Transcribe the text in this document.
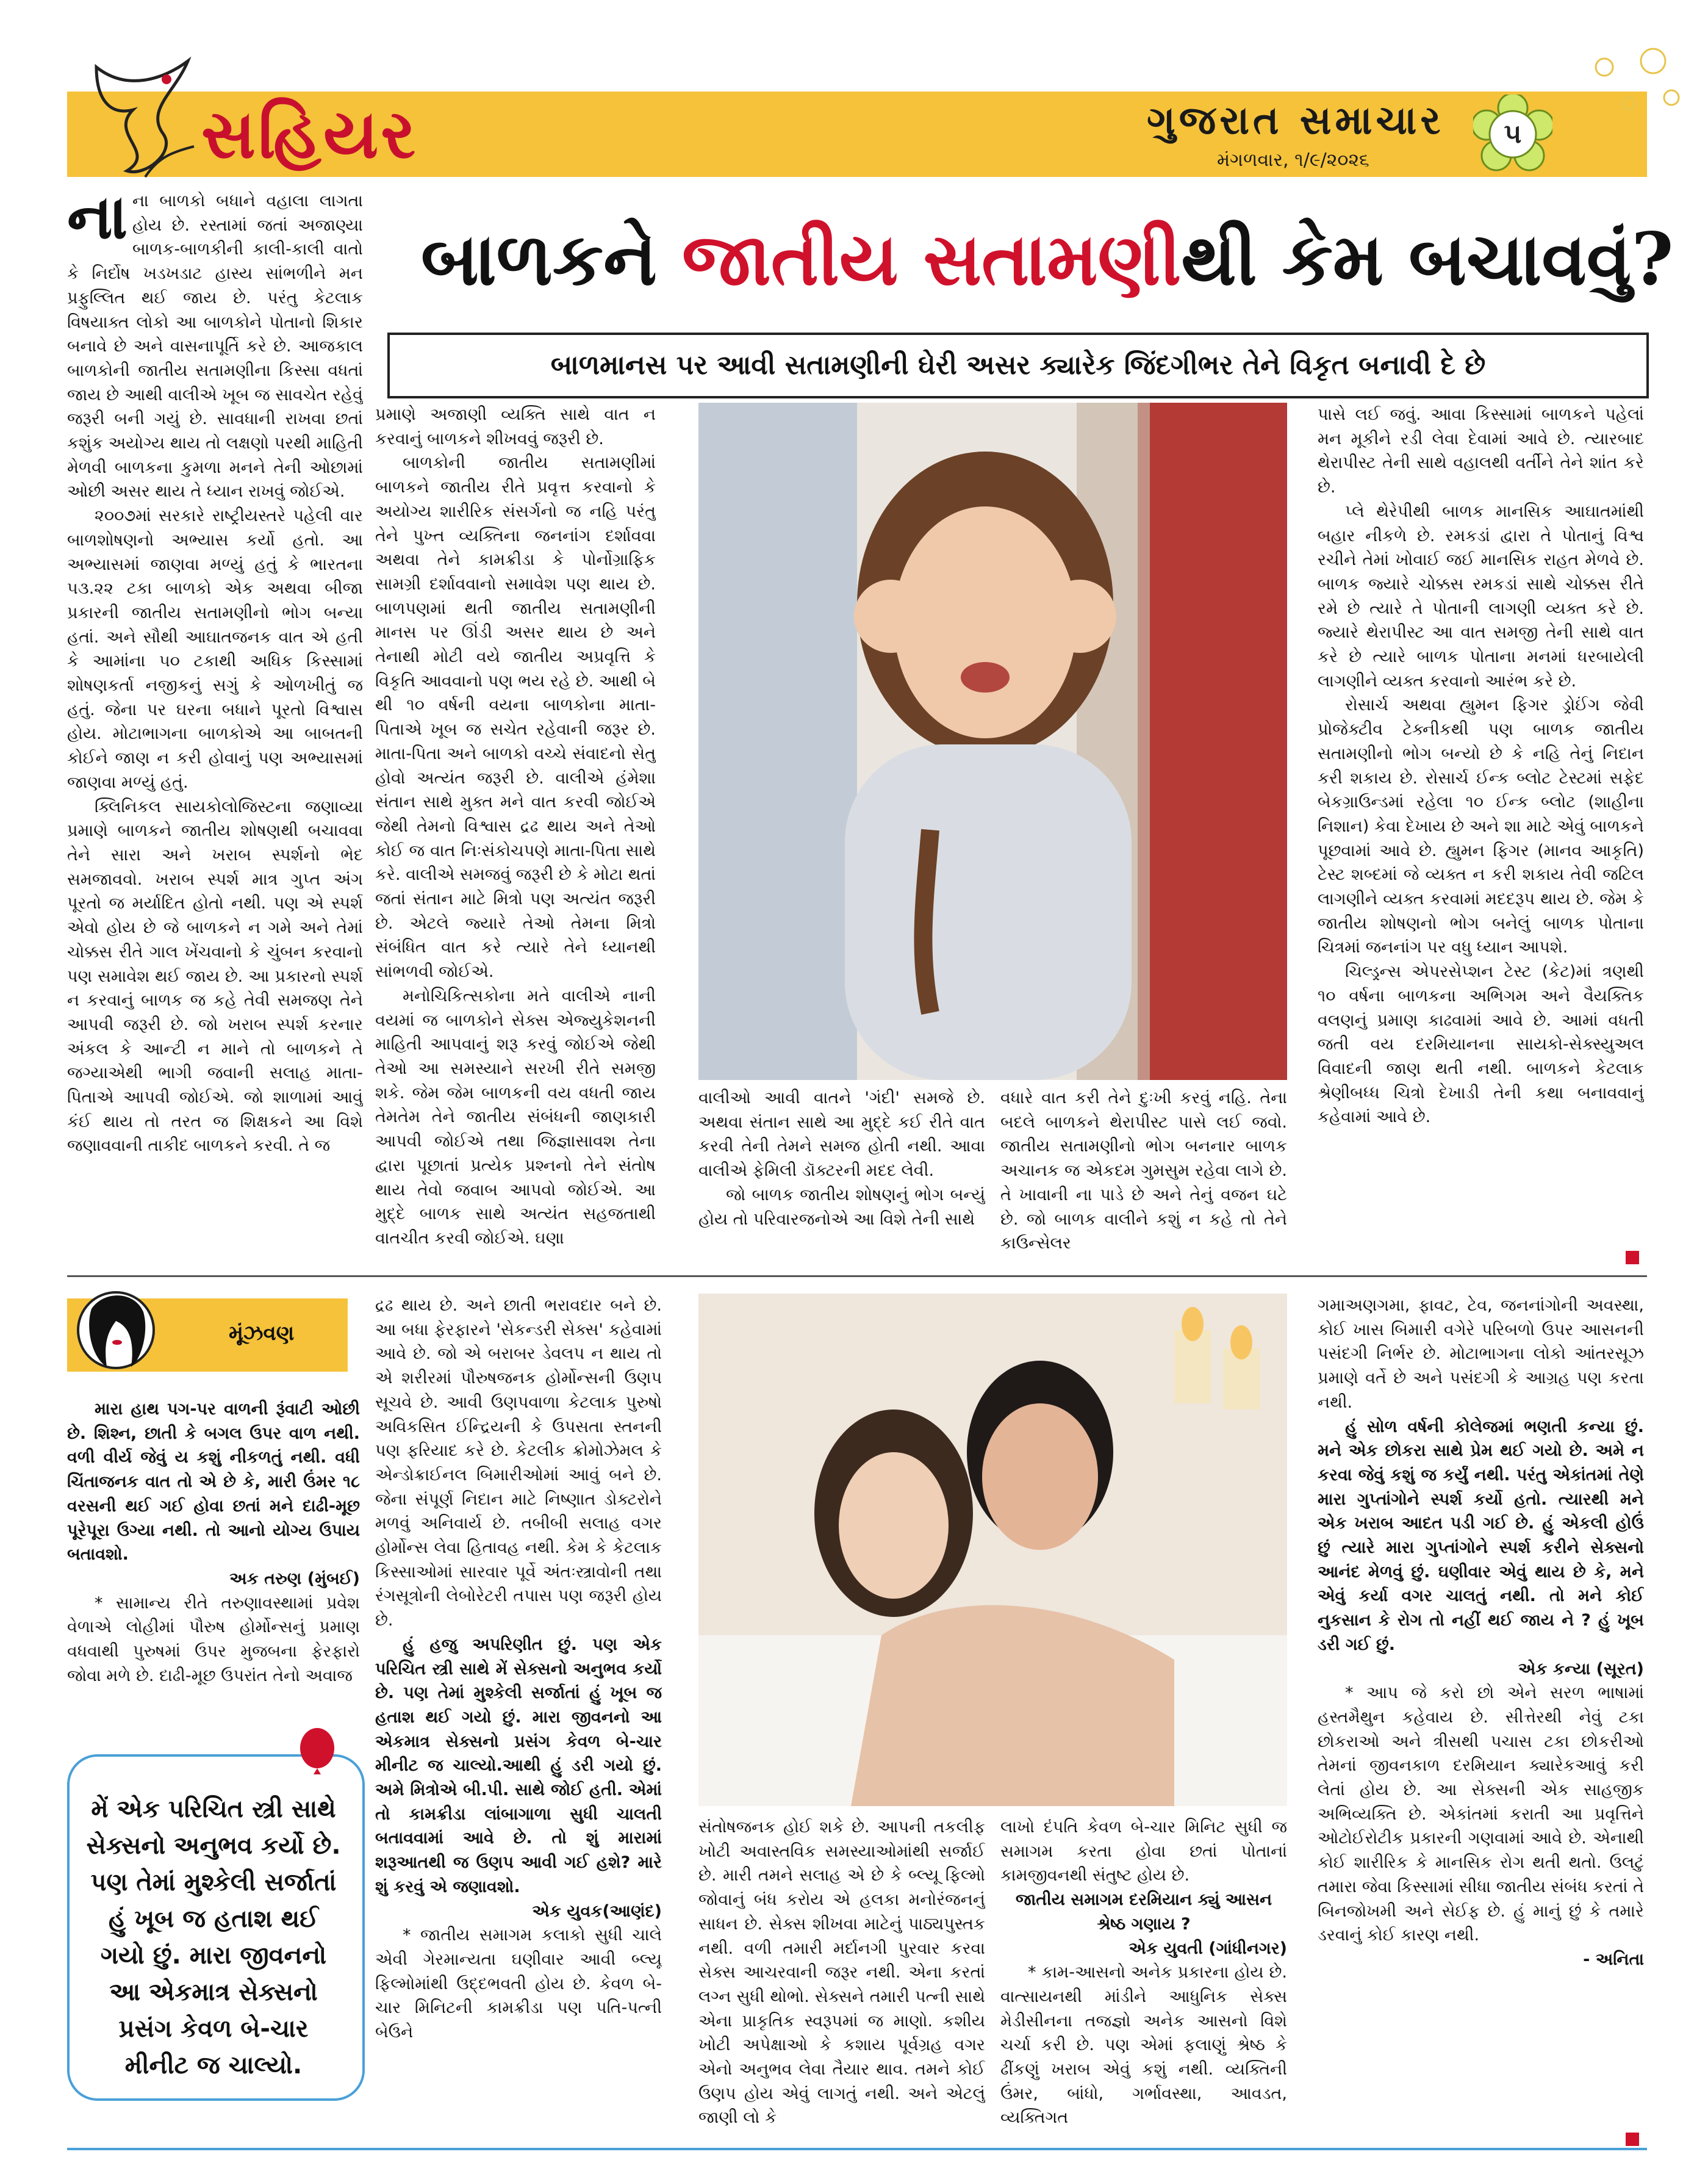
સહિયર	ગુજરાત સમાચાર
મંગળવાર, ૧/૯/૨૦૨૬
૫
બાળકને જાતીય સતામણીથી કેમ બચાવવું?
બાળમાનસ પર આવી સતામણીની ઘેરી અસર ક્યારેક જિંદગીભર તેને વિકૃત બનાવી દે છે

નાના બાળકો બધાને વહાલા લાગતા હોય છે. રસ્તામાં જતાં અજાણ્યા બાળક-બાળકીની કાલી-કાલી વાતો કે નિર્દોષ ખડખડાટ હાસ્ય સાંભળીને મન પ્રફુલ્લિત થઈ જાય છે. પરંતુ કેટલાક વિષયાક્ત લોકો આ બાળકોને પોતાનો શિકાર બનાવે છે અને વાસનાપૂર્તિ કરે છે. આજકાલ બાળકોની જાતીય સતામણીના કિસ્સા વધતાં જાય છે આથી વાલીએ ખૂબ જ સાવચેત રહેવું જરૂરી બની ગયું છે. સાવધાની રાખવા છતાં કશુંક અયોગ્ય થાય તો લક્ષણો પરથી માહિતી મેળવી બાળકના કુમળા મનને તેની ઓછામાં ઓછી અસર થાય તે ધ્યાન રાખવું જોઈએ.

૨૦૦૭માં સરકારે રાષ્ટ્રીયસ્તરે પહેલી વાર બાળશોષણનો અભ્યાસ કર્યો હતો. આ અભ્યાસમાં જાણવા મળ્યું હતું કે ભારતના ૫૩.૨૨ ટકા બાળકો એક અથવા બીજા પ્રકારની જાતીય સતામણીનો ભોગ બન્યા હતાં. અને સૌથી આઘાતજનક વાત એ હતી કે આમાંના ૫૦ ટકાથી અધિક કિસ્સામાં શોષણકર્તા નજીકનું સગું કે ઓળખીતું જ હતું. જેના પર ઘરના બધાને પૂરતો વિશ્વાસ હોય. મોટાભાગના બાળકોએ આ બાબતની કોઈને જાણ ન કરી હોવાનું પણ અભ્યાસમાં જાણવા મળ્યું હતું.

ક્લિનિકલ સાયકોલોજિસ્ટના જણાવ્યા પ્રમાણે બાળકને જાતીય શોષણથી બચાવવા તેને સારા અને ખરાબ સ્પર્શનો ભેદ સમજાવવો. ખરાબ સ્પર્શ માત્ર ગુપ્ત અંગ પૂરતો જ મર્યાદિત હોતો નથી. પણ એ સ્પર્શ એવો હોય છે જે બાળકને ન ગમે અને તેમાં ચોક્કસ રીતે ગાલ ખેંચવાનો કે ચુંબન કરવાનો પણ સમાવેશ થઈ જાય છે. આ પ્રકારનો સ્પર્શ ન કરવાનું બાળક જ કહે તેવી સમજણ તેને આપવી જરૂરી છે. જો ખરાબ સ્પર્શ કરનાર અંકલ કે આન્ટી ન માને તો બાળકને તે જગ્યાએથી ભાગી જવાની સલાહ માતા-પિતાએ આપવી જોઈએ. જો શાળામાં આવું કંઈ થાય તો તરત જ શિક્ષકને આ વિશે જણાવવાની તાકીદ બાળકને કરવી. તે જ

પ્રમાણે અજાણી વ્યક્તિ સાથે વાત ન કરવાનું બાળકને શીખવવું જરૂરી છે.

બાળકોની જાતીય સતામણીમાં બાળકને જાતીય રીતે પ્રવૃત્ત કરવાનો કે અયોગ્ય શારીરિક સંસર્ગનો જ નહિ પરંતુ તેને પુખ્ત વ્યક્તિના જનનાંગ દર્શાવવા અથવા તેને કામક્રીડા કે પોર્નોગ્રાફિક સામગ્રી દર્શાવવાનો સમાવેશ પણ થાય છે. બાળપણમાં થતી જાતીય સતામણીની માનસ પર ઊંડી અસર થાય છે અને તેનાથી મોટી વયે જાતીય અપ્રવૃત્તિ કે વિકૃતિ આવવાનો પણ ભય રહે છે. આથી બે થી ૧૦ વર્ષની વયના બાળકોના માતા-પિતાએ ખૂબ જ સચેત રહેવાની જરૂર છે. માતા-પિતા અને બાળકો વચ્ચે સંવાદનો સેતુ હોવો અત્યંત જરૂરી છે. વાલીએ હંમેશા સંતાન સાથે મુક્ત મને વાત કરવી જોઈએ જેથી તેમનો વિશ્વાસ દ્રઢ થાય અને તેઓ કોઈ જ વાત નિઃસંકોચપણે માતા-પિતા સાથે કરે. વાલીએ સમજવું જરૂરી છે કે મોટા થતાં જતાં સંતાન માટે મિત્રો પણ અત્યંત જરૂરી છે. એટલે જ્યારે તેઓ તેમના મિત્રો સંબંધિત વાત કરે ત્યારે તેને ધ્યાનથી સાંભળવી જોઈએ.

મનોચિકિત્સકોના મતે વાલીએ નાની વયમાં જ બાળકોને સેક્સ એજ્યુકેશનની માહિતી આપવાનું શરૂ કરવું જોઈએ જેથી તેઓ આ સમસ્યાને સરખી રીતે સમજી શકે. જેમ જેમ બાળકની વય વધતી જાય તેમતેમ તેને જાતીય સંબંધની જાણકારી આપવી જોઈએ તથા જિજ્ઞાસાવશ તેના દ્વારા પૂછાતાં પ્રત્યેક પ્રશ્નનો તેને સંતોષ થાય તેવો જવાબ આપવો જોઈએ. આ મુદ્દે બાળક સાથે અત્યંત સહજતાથી વાતચીત કરવી જોઈએ. ઘણા

વાલીઓ આવી વાતને 'ગંદી' સમજે છે. અથવા સંતાન સાથે આ મુદ્દે કઈ રીતે વાત કરવી તેની તેમને સમજ હોતી નથી. આવા વાલીએ ફેમિલી ડૉક્ટરની મદદ લેવી.

જો બાળક જાતીય શોષણનું ભોગ બન્યું હોય તો પરિવારજનોએ આ વિશે તેની સાથે

વધારે વાત કરી તેને દુઃખી કરવું નહિ. તેના બદલે બાળકને થેરાપીસ્ટ પાસે લઈ જવો. જાતીય સતામણીનો ભોગ બનનાર બાળક અચાનક જ એકદમ ગુમસુમ રહેવા લાગે છે. તે ખાવાની ના પાડે છે અને તેનું વજન ઘટે છે. જો બાળક વાલીને કશું ન કહે તો તેને કાઉન્સેલર

પાસે લઈ જવું. આવા કિસ્સામાં બાળકને પહેલાં મન મૂકીને રડી લેવા દેવામાં આવે છે. ત્યારબાદ થેરાપીસ્ટ તેની સાથે વહાલથી વર્તીને તેને શાંત કરે છે.

પ્લે થેરેપીથી બાળક માનસિક આઘાતમાંથી બહાર નીકળે છે. રમકડાં દ્વારા તે પોતાનું વિશ્વ રચીને તેમાં ખોવાઈ જઈ માનસિક રાહત મેળવે છે. બાળક જ્યારે ચોક્કસ રમકડાં સાથે ચોક્કસ રીતે રમે છે ત્યારે તે પોતાની લાગણી વ્યક્ત કરે છે. જ્યારે થેરાપીસ્ટ આ વાત સમજી તેની સાથે વાત કરે છે ત્યારે બાળક પોતાના મનમાં ધરબાયેલી લાગણીને વ્યક્ત કરવાનો આરંભ કરે છે.

રોસાર્ચ અથવા હ્યુમન ફિગર ડ્રોઈંગ જેવી પ્રોજેક્ટીવ ટેક્નીકથી પણ બાળક જાતીય સતામણીનો ભોગ બન્યો છે કે નહિ તેનું નિદાન કરી શકાય છે. રોસાર્ચ ઈન્ક બ્લોટ ટેસ્ટમાં સફેદ બેકગ્રાઉન્ડમાં રહેલા ૧૦ ઈન્ક બ્લોટ (શાહીના નિશાન) કેવા દેખાય છે અને શા માટે એવું બાળકને પૂછવામાં આવે છે. હ્યુમન ફિગર (માનવ આકૃતિ) ટેસ્ટ શબ્દમાં જે વ્યક્ત ન કરી શકાય તેવી જટિલ લાગણીને વ્યક્ત કરવામાં મદદરૂપ થાય છે. જેમ કે જાતીય શોષણનો ભોગ બનેલું બાળક પોતાના ચિત્રમાં જનનાંગ પર વધુ ધ્યાન આપશે.

ચિલ્ડ્રન્સ એપરસેપ્શન ટેસ્ટ (કેટ)માં ત્રણથી ૧૦ વર્ષના બાળકના અભિગમ અને વૈયક્તિક વલણનું પ્રમાણ કાઢવામાં આવે છે. આમાં વધતી જતી વય દરમિયાનના સાયકો-સેક્સ્યુઅલ વિવાદની જાણ થતી નથી. બાળકને કેટલાક શ્રેણીબધ્ધ ચિત્રો દેખાડી તેની કથા બનાવવાનું કહેવામાં આવે છે.

મૂંઝવણ

મારા હાથ પગ-પર વાળની રૂંવાટી ઓછી છે. શિશ્ન, છાતી કે બગલ ઉપર વાળ નથી. વળી વીર્ય જેવું ય કશું નીકળતું નથી. વધી ચિંતાજનક વાત તો એ છે કે, મારી ઉંમર ૧૮ વરસની થઈ ગઈ હોવા છતાં મને દાઢી-મૂછ પૂરેપૂરા ઉગ્યા નથી. તો આનો યોગ્ય ઉપાય બતાવશો.

અક તરુણ (મુંબઈ)

* સામાન્ય રીતે તરુણાવસ્થામાં પ્રવેશ વેળાએ લોહીમાં પૌરુષ હોર્મોન્સનું પ્રમાણ વધવાથી પુરુષમાં ઉપર મુજબના ફેરફારો જોવા મળે છે. દાઢી-મૂછ ઉપરાંત તેનો અવાજ

મેં એક પરિચિત સ્ત્રી સાથે સેક્સનો અનુભવ કર્યો છે. પણ તેમાં મુશ્કેલી સર્જાતાં હું ખૂબ જ હતાશ થઈ ગયો છું. મારા જીવનનો આ એકમાત્ર સેક્સનો પ્રસંગ કેવળ બે-ચાર મીનીટ જ ચાલ્યો.

દ્રઢ થાય છે. અને છાતી ભરાવદાર બને છે. આ બધા ફેરફારને 'સેકન્ડરી સેક્સ' કહેવામાં આવે છે. જો એ બરાબર ડેવલપ ન થાય તો એ શરીરમાં પૌરુષજનક હોર્મોન્સની ઉણપ સૂચવે છે. આવી ઉણપવાળા કેટલાક પુરુષો અવિકસિત ઈન્દ્રિયની કે ઉપસતા સ્તનની પણ ફરિયાદ કરે છે. કેટલીક ક્રોમોઝેમલ કે એન્ડોક્રાઈનલ બિમારીઓમાં આવું બને છે. જેના સંપૂર્ણ નિદાન માટે નિષ્ણાત ડોક્ટરોને મળવું અનિવાર્ય છે. તબીબી સલાહ વગર હોર્મોન્સ લેવા હિતાવહ નથી. કેમ કે કેટલાક કિસ્સાઓમાં સારવાર પૂર્વે અંતઃસ્ત્રાવોની તથા રંગસૂત્રોની લેબોરેટરી તપાસ પણ જરૂરી હોય છે.

હું હજુ અપરિણીત છું. પણ એક પરિચિત સ્ત્રી સાથે મેં સેક્સનો અનુભવ કર્યો છે. પણ તેમાં મુશ્કેલી સર્જાતાં હું ખૂબ જ હતાશ થઈ ગયો છું. મારા જીવનનો આ એકમાત્ર સેક્સનો પ્રસંગ કેવળ બે-ચાર મીનીટ જ ચાલ્યો.આથી હું ડરી ગયો છું. અમે મિત્રોએ બી.પી. સાથે જોઈ હતી. એમાં તો કામક્રીડા લાંબાગાળા સુધી ચાલતી બતાવવામાં આવે છે. તો શું મારામાં શરૂઆતથી જ ઉણપ આવી ગઈ હશે? મારે શું કરવું એ જણાવશો.

એક યુવક(આણંદ)

* જાતીય સમાગમ કલાકો સુધી ચાલે એવી ગેરમાન્યતા ઘણીવાર આવી બ્લ્યૂ ફિલ્મોમાંથી ઉદ્દભવતી હોય છે. કેવળ બે-ચાર મિનિટની કામક્રીડા પણ પતિ-પત્ની બેઉને

સંતોષજનક હોઈ શકે છે. આપની તકલીફ ખોટી અવાસ્તવિક સમસ્યાઓમાંથી સર્જાઈ છે. મારી તમને સલાહ એ છે કે બ્લ્યૂ ફિલ્મો જોવાનું બંધ કરોય એ હલકા મનોરંજનનું સાધન છે. સેક્સ શીખવા માટેનું પાઠ્યપુસ્તક નથી. વળી તમારી મર્દાનગી પુરવાર કરવા સેક્સ આચરવાની જરૂર નથી. એના કરતાં લગ્ન સુધી થોભો. સેક્સને તમારી પત્ની સાથે એના પ્રાકૃતિક સ્વરૂપમાં જ માણો. કશીય ખોટી અપેક્ષાઓ કે કશાય પૂર્વગ્રહ વગર એનો અનુભવ લેવા તૈયાર થાવ. તમને કોઈ ઉણપ હોય એવું લાગતું નથી. અને એટલું જાણી લો કે

લાખો દંપતિ કેવળ બે-ચાર મિનિટ સુધી જ સમાગમ કરતા હોવા છતાં પોતાનાં કામજીવનથી સંતુષ્ટ હોય છે.

જાતીય સમાગમ દરમિયાન ક્યું આસન શ્રેષ્ઠ ગણાય ?

એક યુવતી (ગાંધીનગર)

* કામ-આસનો અનેક પ્રકારના હોય છે. વાત્સાયનથી માંડીને આધુનિક સેક્સ મેડીસીનના તજજ્ઞો અનેક આસનો વિશે ચર્ચા કરી છે. પણ એમાં ફલાણું શ્રેષ્ઠ કે ઢીંકણું ખરાબ એવું કશું નથી. વ્યક્તિની ઉંમર, બાંધો, ગર્ભાવસ્થા, આવડત, વ્યક્તિગત

ગમાઅણગમા, ફાવટ, ટેવ, જનનાંગોની અવસ્થા, કોઈ ખાસ બિમારી વગેરે પરિબળો ઉપર આસનની પસંદગી નિર્ભર છે. મોટાભાગના લોકો આંતરસૂઝ પ્રમાણે વર્તે છે અને પસંદગી કે આગ્રહ પણ કરતા નથી.

હું સોળ વર્ષની કોલેજમાં ભણતી કન્યા છું. મને એક છોકરા સાથે પ્રેમ થઈ ગયો છે. અમે ન કરવા જેવું કશું જ કર્યું નથી. પરંતુ એકાંતમાં તેણે મારા ગુપ્તાંગોને સ્પર્શ કર્યો હતો. ત્યારથી મને એક ખરાબ આદત પડી ગઈ છે. હું એકલી હોઉં છું ત્યારે મારા ગુપ્તાંગોને સ્પર્શ કરીને સેક્સનો આનંદ મેળવું છું. ઘણીવાર એવું થાય છે કે, મને એવું કર્યા વગર ચાલતું નથી. તો મને કોઈ નુકસાન કે રોગ તો નહીં થઈ જાય ને ? હું ખૂબ ડરી ગઈ છું.

એક કન્યા (સૂરત)

* આપ જે કરો છો એને સરળ ભાષામાં હસ્તમૈથુન કહેવાય છે. સીત્તેરથી નેવું ટકા છોકરાઓ અને ત્રીસથી પચાસ ટકા છોકરીઓ તેમનાં જીવનકાળ દરમિયાન ક્યારેકઆવું કરી લેતાં હોય છે. આ સેક્સની એક સાહજીક અભિવ્યક્તિ છે. એકાંતમાં કરાતી આ પ્રવૃત્તિને ઓટોઈરોટીક પ્રકારની ગણવામાં આવે છે. એનાથી કોઈ શારીરિક કે માનસિક રોગ થતી થતો. ઉલટું તમારા જેવા કિસ્સામાં સીધા જાતીય સંબંધ કરતાં તે બિનજોખમી અને સેઈફ છે. હું માનું છું કે તમારે ડરવાનું કોઈ કારણ નથી.

- અનિતા
